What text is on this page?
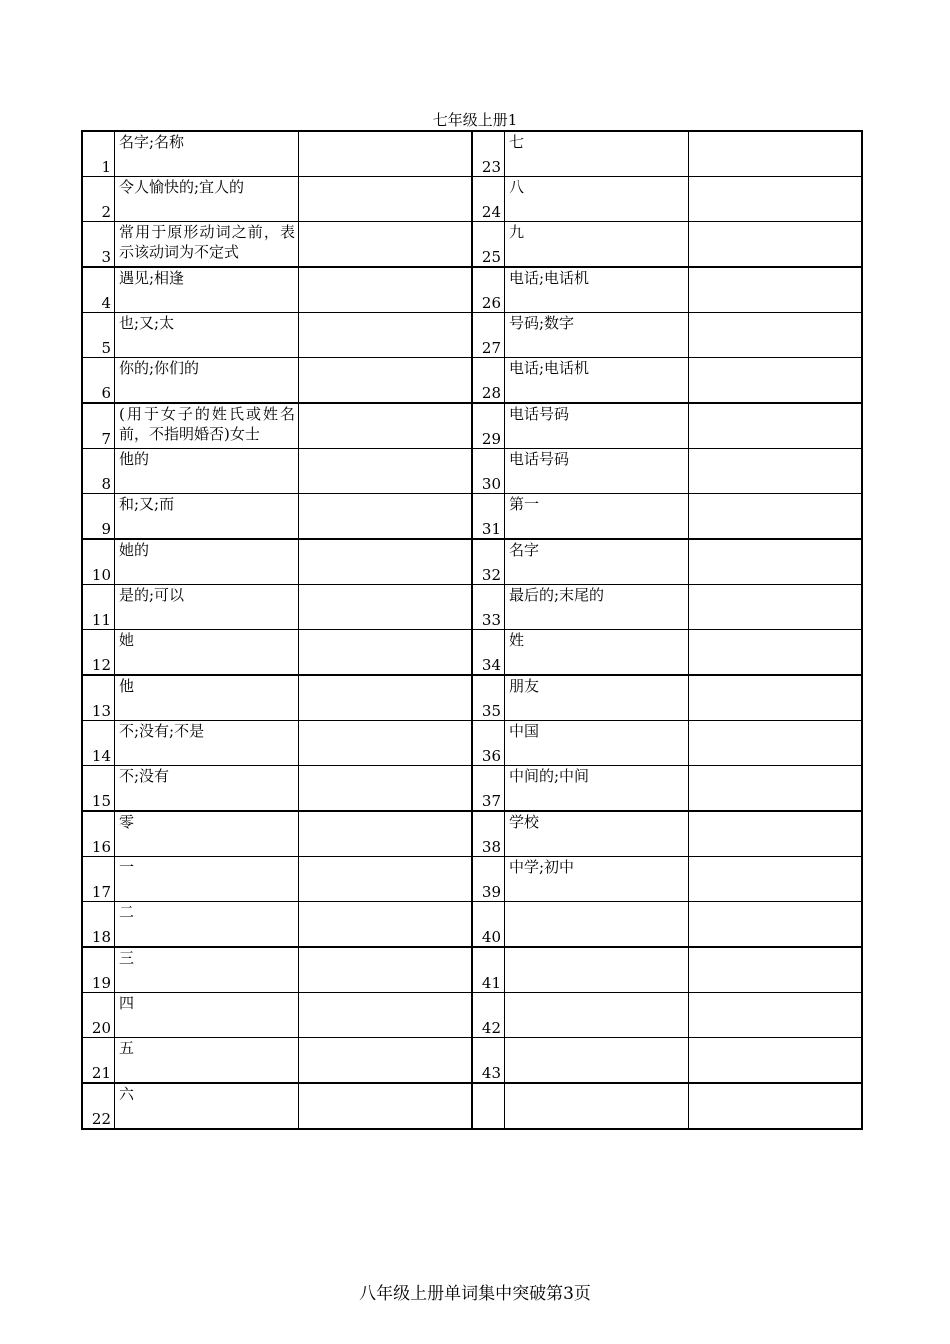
七年级上册1
1	名字;名称		23	七	

2	令人愉快的;宜人的		24	八	

3	常用于原形动词之前，表示该动词为不定式		25	九	

4	遇见;相逢		26	电话;电话机	

5	也;又;太		27	号码;数字	

6	你的;你们的		28	电话;电话机	

7	(用于女子的姓氏或姓名前，不指明婚否)女士		29	电话号码	

8	他的		30	电话号码	

9	和;又;而		31	第一	

10	她的		32	名字	

11	是的;可以		33	最后的;末尾的	

12	她		34	姓	

13	他		35	朋友	

14	不;没有;不是		36	中国	

15	不;没有		37	中间的;中间	

16	零		38	学校	

17	一		39	中学;初中	

18	二		40		

19	三		41		

20	四		42		

21	五		43		

22	六				

八年级上册单词集中突破第3页
